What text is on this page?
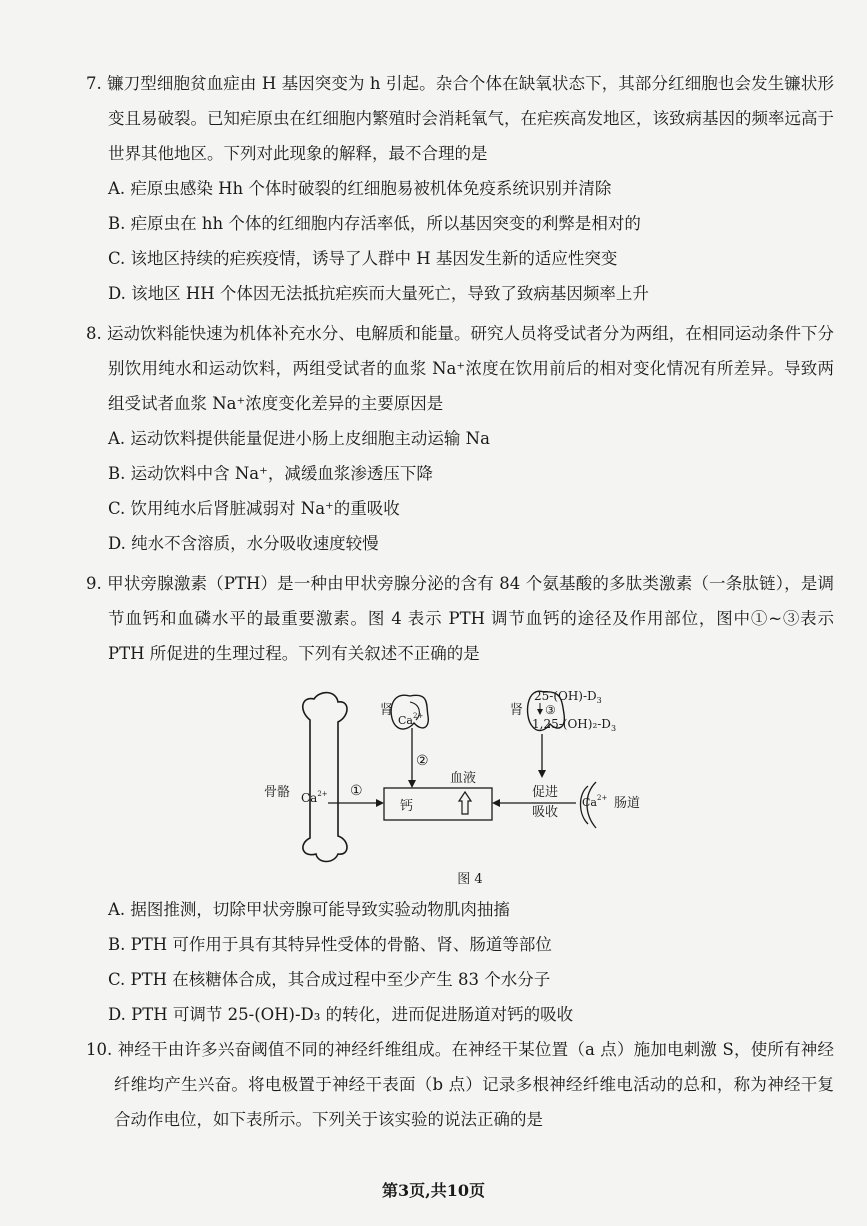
7. 镰刀型细胞贫血症由 H 基因突变为 h 引起。杂合个体在缺氧状态下，其部分红细胞也会发生镰状形变且易破裂。已知疟原虫在红细胞内繁殖时会消耗氧气，在疟疾高发地区，该致病基因的频率远高于世界其他地区。下列对此现象的解释，最不合理的是
A. 疟原虫感染 Hh 个体时破裂的红细胞易被机体免疫系统识别并清除
B. 疟原虫在 hh 个体的红细胞内存活率低，所以基因突变的利弊是相对的
C. 该地区持续的疟疾疫情，诱导了人群中 H 基因发生新的适应性突变
D. 该地区 HH 个体因无法抵抗疟疾而大量死亡，导致了致病基因频率上升
8. 运动饮料能快速为机体补充水分、电解质和能量。研究人员将受试者分为两组，在相同运动条件下分别饮用纯水和运动饮料，两组受试者的血浆 Na⁺浓度在饮用前后的相对变化情况有所差异。导致两组受试者血浆 Na⁺浓度变化差异的主要原因是
A. 运动饮料提供能量促进小肠上皮细胞主动运输 Na
B. 运动饮料中含 Na⁺，减缓血浆渗透压下降
C. 饮用纯水后肾脏减弱对 Na⁺的重吸收
D. 纯水不含溶质，水分吸收速度较慢
9. 甲状旁腺激素（PTH）是一种由甲状旁腺分泌的含有 84 个氨基酸的多肽类激素（一条肽链），是调节血钙和血磷水平的最重要激素。图 4 表示 PTH 调节血钙的途径及作用部位，图中①~③表示 PTH 所促进的生理过程。下列有关叙述不正确的是
骨骼 $Ca^{2+}$ ①
血液
钙
肾
$Ca^{2+}$
②
肾
$25-(OH)-D_3$
③
$1,25-(OH)_2-D_3$
促进
吸收
$Ca^{2+}$ 肠道
图 4
A. 据图推测，切除甲状旁腺可能导致实验动物肌肉抽搐
B. PTH 可作用于具有其特异性受体的骨骼、肾、肠道等部位
C. PTH 在核糖体合成，其合成过程中至少产生 83 个水分子
D. PTH 可调节 25-(OH)-D₃ 的转化，进而促进肠道对钙的吸收
10. 神经干由许多兴奋阈值不同的神经纤维组成。在神经干某位置（a 点）施加电刺激 S，使所有神经纤维均产生兴奋。将电极置于神经干表面（b 点）记录多根神经纤维电活动的总和，称为神经干复合动作电位，如下表所示。下列关于该实验的说法正确的是
第3页,共10页
